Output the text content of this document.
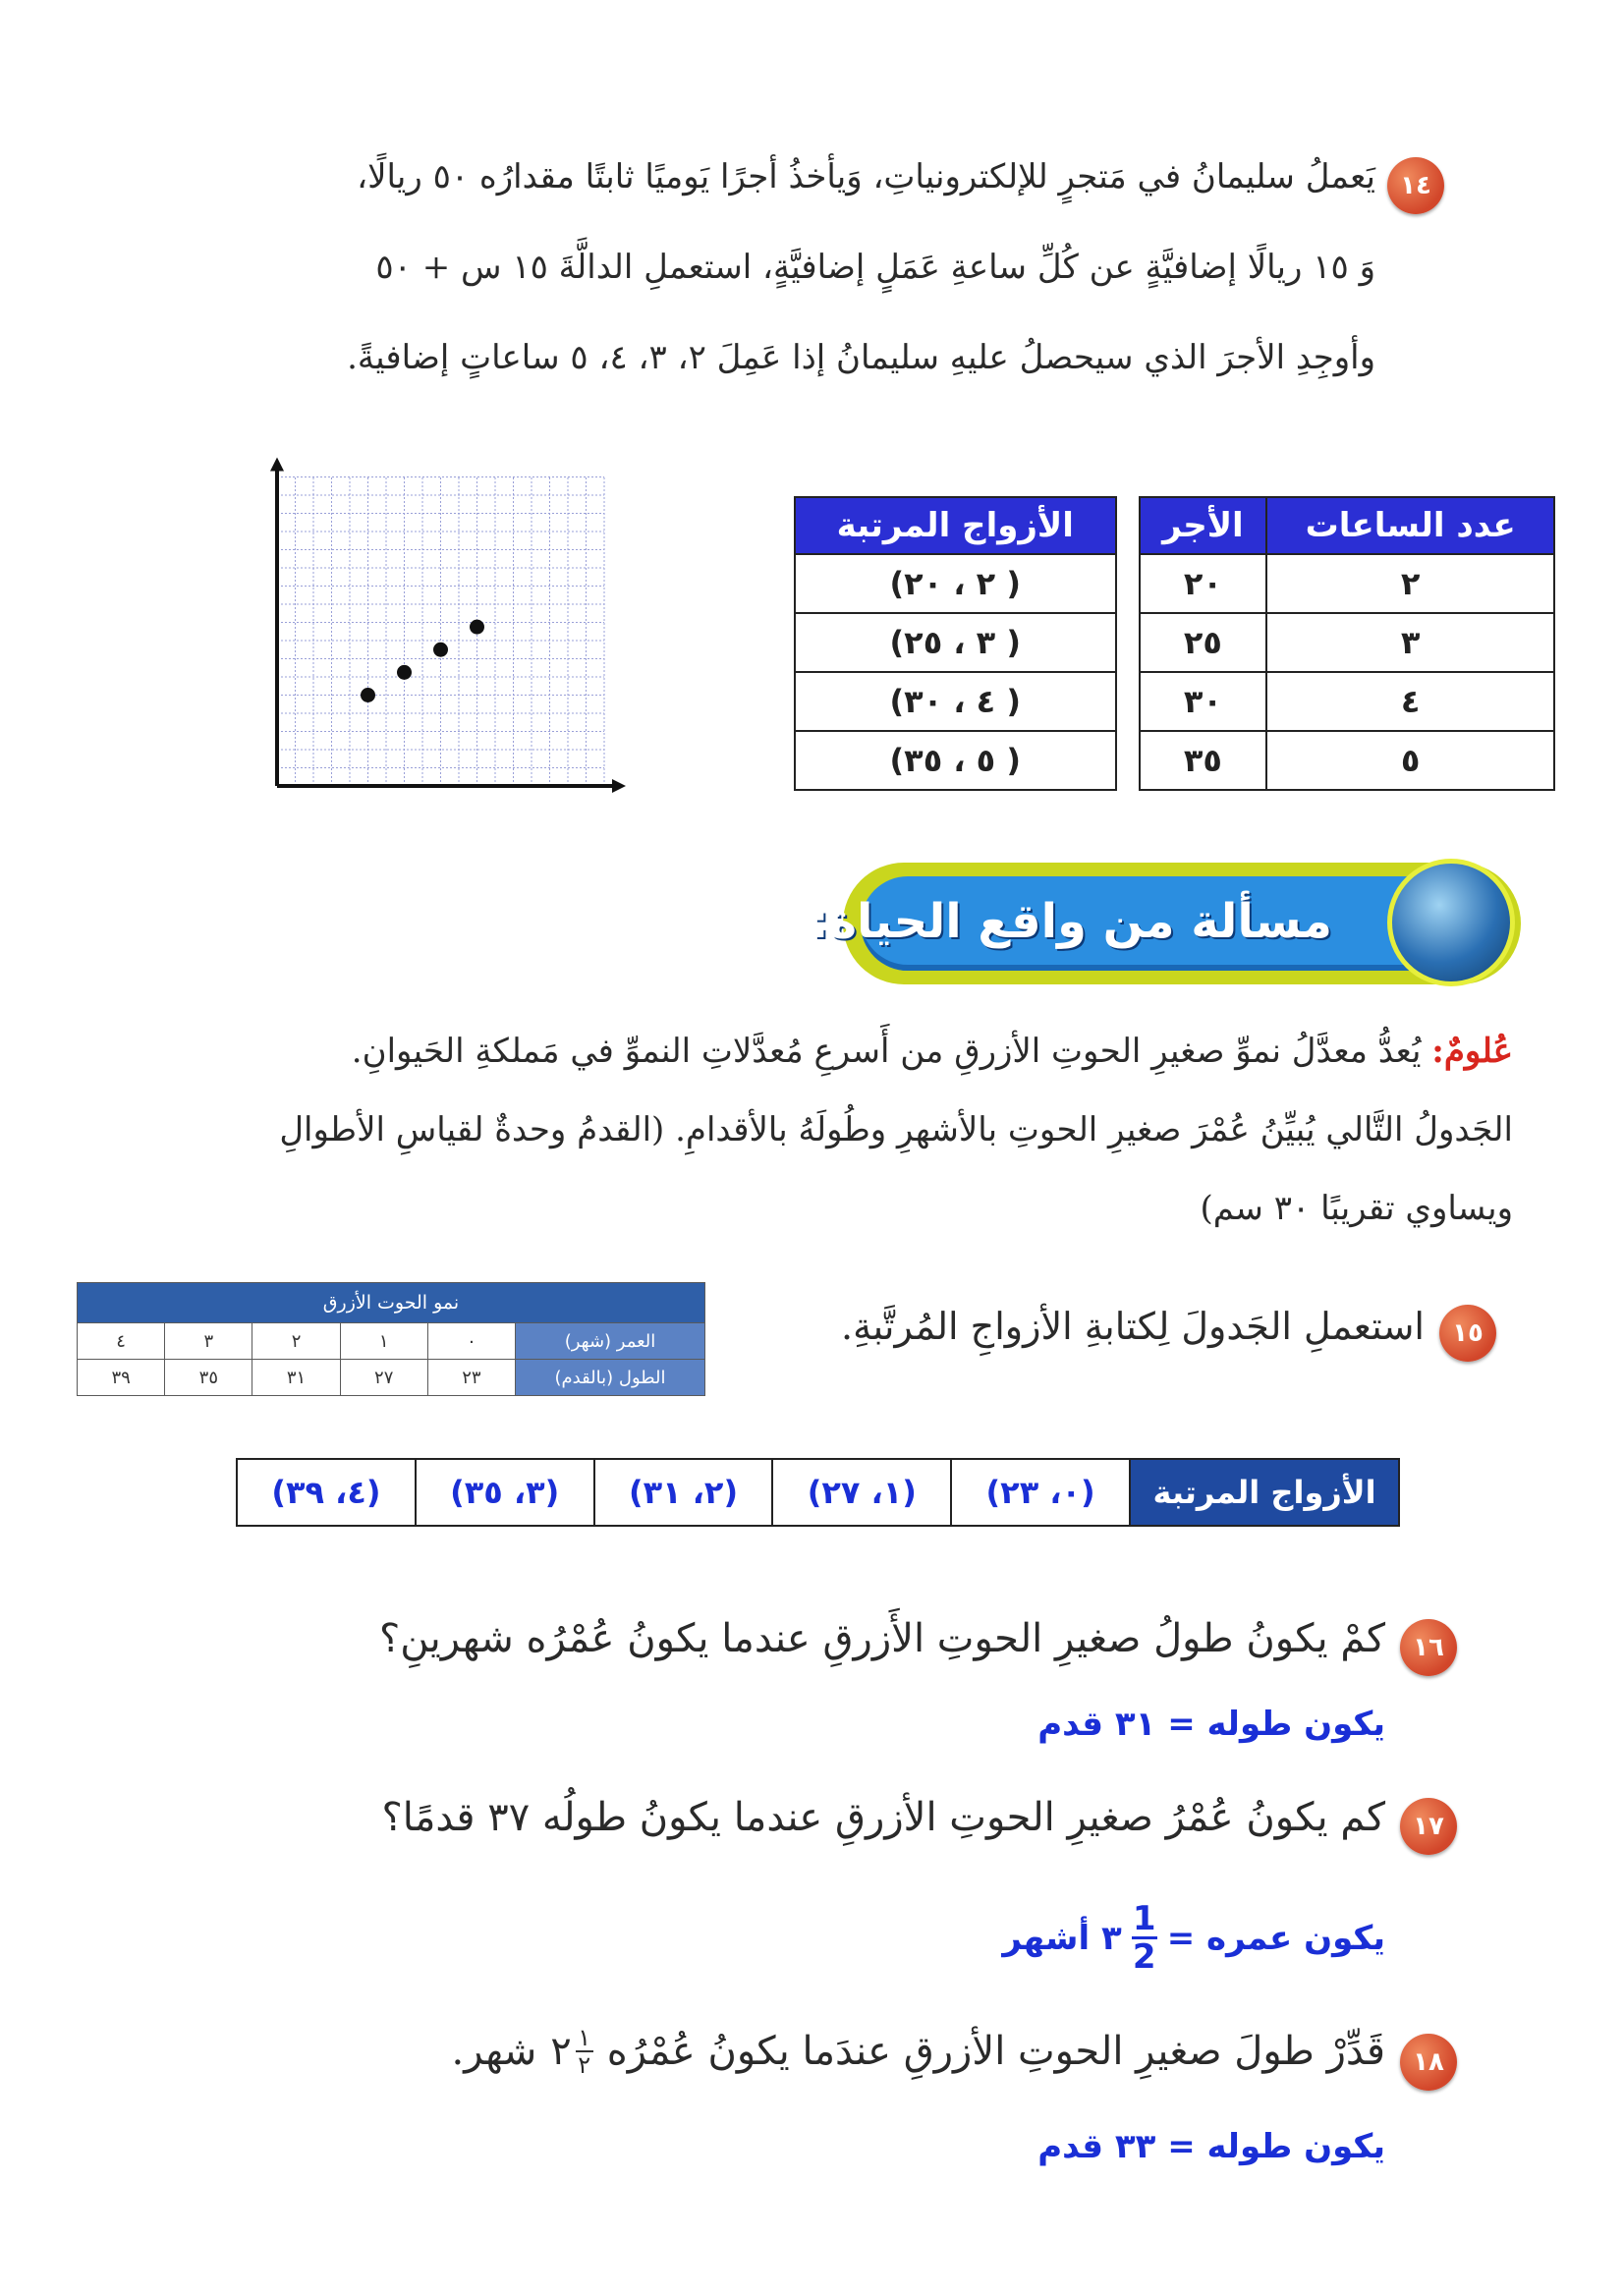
١٤
يَعملُ سليمانُ في مَتجرٍ للإلكترونياتِ، وَيأخذُ أجرًا يَوميًا ثابتًا مقدارُه ٥٠ ريالًا،
وَ ١٥ ريالًا إضافيَّةٍ عن كُلِّ ساعةِ عَمَلٍ إضافيَّةٍ، استعملِ الدالَّةَ ١٥ س + ٥٠
وأوجِدِ الأجرَ الذي سيحصلُ عليهِ سليمانُ إذا عَمِلَ ٢، ٣، ٤، ٥ ساعاتٍ إضافيةً.
عدد الساعات	الأجر		الأزواج المرتبة
٢	٢٠		( ٢ ، ٢٠)
٣	٢٥		( ٣ ، ٢٥)
٤	٣٠		( ٤ ، ٣٠)
٥	٣٥		( ٥ ، ٣٥)
مسألة من واقع الحياة:
عُلومٌ: يُعدُّ معدَّلُ نموِّ صغيرِ الحوتِ الأزرقِ من أَسرعِ مُعدَّلاتِ النموِّ في مَملكةِ الحَيوانِ.
الجَدولُ التَّالي يُبيِّنُ عُمْرَ صغيرِ الحوتِ بالأشهرِ وطُولَهُ بالأقدامِ. (القدمُ وحدةٌ لقياسِ الأطوالِ
ويساوي تقريبًا ٣٠ سم)
١٥
استعملِ الجَدولَ لِكتابةِ الأزواجِ المُرتَّبةِ.
نمو الحوت الأزرق					
العمر (شهر)	٠	١	٢	٣	٤
الطول (بالقدم)	٢٣	٢٧	٣١	٣٥	٣٩
الأزواج المرتبة	(٠، ٢٣)	(١، ٢٧)	(٢، ٣١)	(٣، ٣٥)	(٤، ٣٩)
١٦
كمْ يكونُ طولُ صغيرِ الحوتِ الأَزرقِ عندما يكونُ عُمْرُه شهرينِ؟
يكون طوله = ٣١ قدم
١٧
كم يكونُ عُمْرُ صغيرِ الحوتِ الأزرقِ عندما يكونُ طولُه ٣٧ قدمًا؟
يكون عمره =
1
2
٣ أشهر
١٨
قَدِّرْ طولَ صغيرِ الحوتِ الأزرقِ عندَما يكونُ عُمْرُه
١
٢
٢
شهر.
يكون طوله = ٣٣ قدم
